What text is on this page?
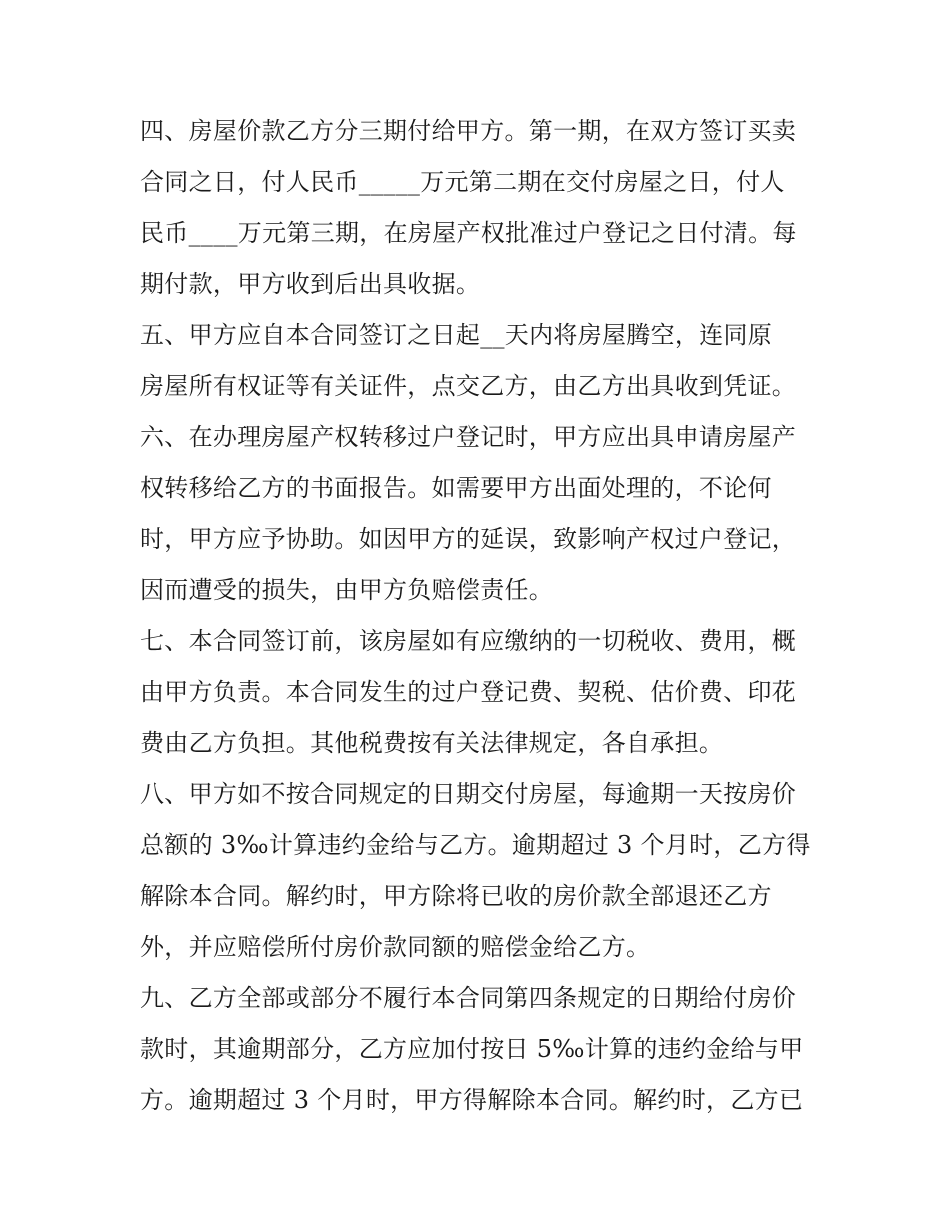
四、房屋价款乙方分三期付给甲方。第一期，在双方签订买卖
合同之日，付人民币_____万元第二期在交付房屋之日，付人
民币____万元第三期，在房屋产权批准过户登记之日付清。每
期付款，甲方收到后出具收据。
五、甲方应自本合同签订之日起__天内将房屋腾空，连同原
房屋所有权证等有关证件，点交乙方，由乙方出具收到凭证。
六、在办理房屋产权转移过户登记时，甲方应出具申请房屋产
权转移给乙方的书面报告。如需要甲方出面处理的，不论何
时，甲方应予协助。如因甲方的延误，致影响产权过户登记，
因而遭受的损失，由甲方负赔偿责任。
七、本合同签订前，该房屋如有应缴纳的一切税收、费用，概
由甲方负责。本合同发生的过户登记费、契税、估价费、印花
费由乙方负担。其他税费按有关法律规定，各自承担。
八、甲方如不按合同规定的日期交付房屋，每逾期一天按房价
总额的 3‰计算违约金给与乙方。逾期超过 3 个月时，乙方得
解除本合同。解约时，甲方除将已收的房价款全部退还乙方
外，并应赔偿所付房价款同额的赔偿金给乙方。
九、乙方全部或部分不履行本合同第四条规定的日期给付房价
款时，其逾期部分，乙方应加付按日 5‰计算的违约金给与甲
方。逾期超过 3 个月时，甲方得解除本合同。解约时，乙方已
